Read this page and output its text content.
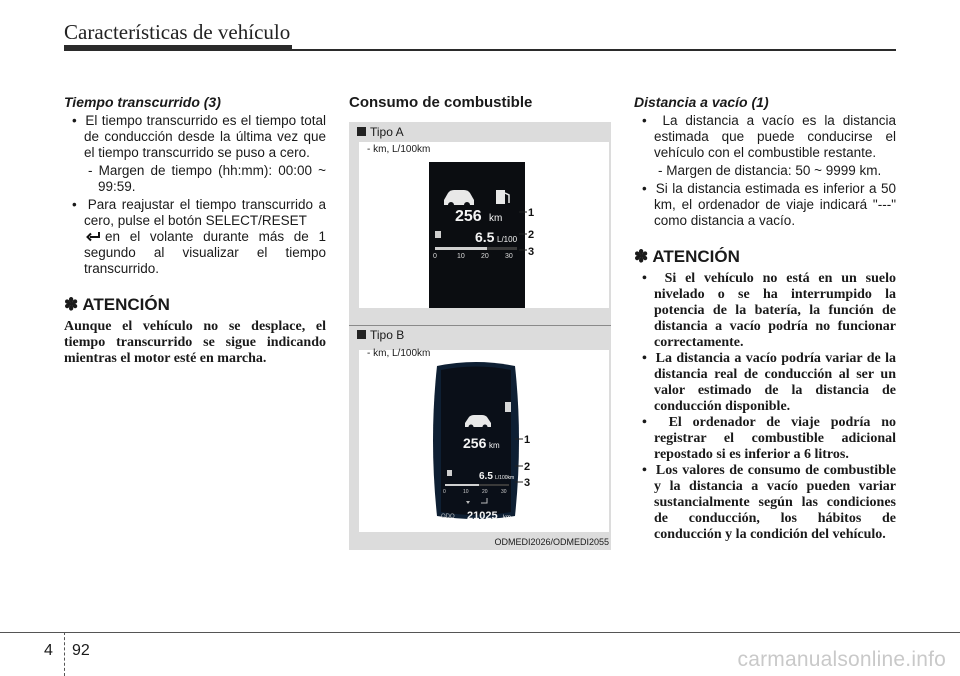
Características de vehículo
Tiempo transcurrido (3)
•  El tiempo transcurrido es el tiempo total de conducción desde la última vez que el tiempo transcurrido se puso a cero.
- Margen de tiempo (hh:mm): 00:00 ~ 99:59.
•  Para reajustar el tiempo transcurrido a cero, pulse el botón SELECT/RESET
en el volante durante más de 1 segundo al visualizar el tiempo transcurrido.
✽ ATENCIÓN
Aunque el vehículo no se desplace, el tiempo transcurrido se sigue indicando mientras el motor esté en marcha.
Consumo de combustible
Tipo A
- km, L/100km
256 km
6.5 L/100
0	10 20 30
1
2
3
Tipo B
- km, L/100km
256 km
6.5 L/100km
0	10	20	30
ODO 21025 km
1
2
3
ODMEDI2026/ODMEDI2055
Distancia a vacío (1)
•  La distancia a vacío es la distancia estimada que puede conducirse el vehículo con el combustible restante.
- Margen de distancia: 50 ~ 9999 km.
•  Si la distancia estimada es inferior a 50 km, el ordenador de viaje indicará "---" como distancia a vacío.
✽ ATENCIÓN
•  Si el vehículo no está en un suelo nivelado o se ha interrumpido la potencia de la batería, la función de distancia a vacío podría no funcionar correctamente.
•  La distancia a vacío podría variar de la distancia real de conducción al ser un valor estimado de la distancia de conducción disponible.
•  El ordenador de viaje podría no registrar el combustible adicional repostado si es inferior a 6 litros.
•  Los valores de consumo de combustible y la distancia a vacío pueden variar sustancialmente según las condiciones de conducción, los hábitos de conducción y la condición del vehículo.
4 92	carmanualsonline.info
